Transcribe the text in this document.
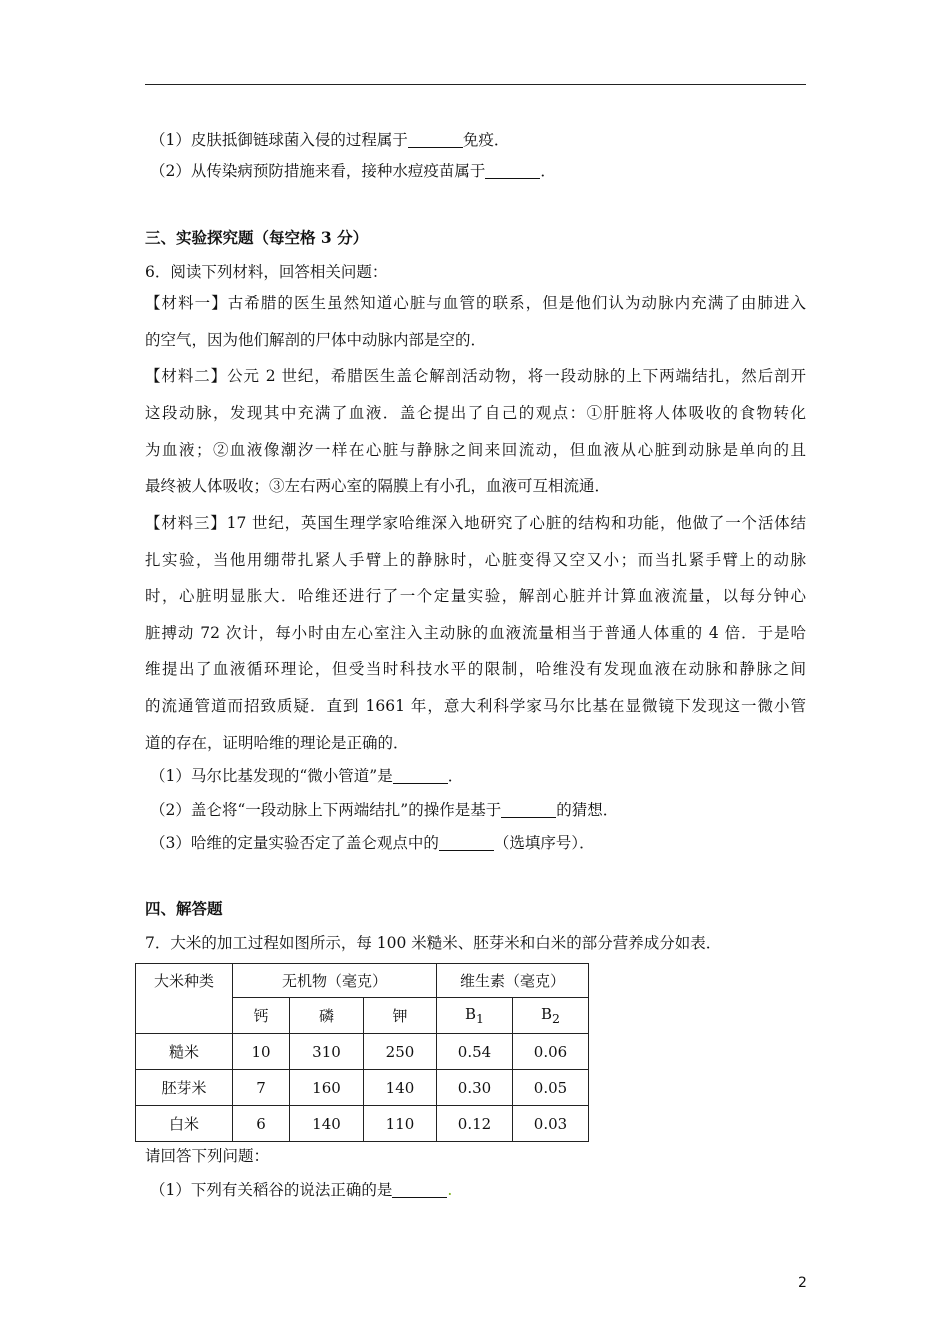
（1）皮肤抵御链球菌入侵的过程属于	免疫．
（2）从传染病预防措施来看，接种水痘疫苗属于	．
三、实验探究题（每空格 3 分）
6．阅读下列材料，回答相关问题：
【材料一】古希腊的医生虽然知道心脏与血管的联系，但是他们认为动脉内充满了由肺进入
的空气，因为他们解剖的尸体中动脉内部是空的．
【材料二】公元 2 世纪，希腊医生盖仑解剖活动物，将一段动脉的上下两端结扎，然后剖开
这段动脉，发现其中充满了血液．盖仑提出了自己的观点：①肝脏将人体吸收的食物转化
为血液；②血液像潮汐一样在心脏与静脉之间来回流动，但血液从心脏到动脉是单向的且
最终被人体吸收；③左右两心室的隔膜上有小孔，血液可互相流通．
【材料三】17 世纪，英国生理学家哈维深入地研究了心脏的结构和功能，他做了一个活体结
扎实验，当他用绷带扎紧人手臂上的静脉时，心脏变得又空又小；而当扎紧手臂上的动脉
时，心脏明显胀大．哈维还进行了一个定量实验，解剖心脏并计算血液流量，以每分钟心
脏搏动 72 次计，每小时由左心室注入主动脉的血液流量相当于普通人体重的 4 倍．于是哈
维提出了血液循环理论，但受当时科技水平的限制，哈维没有发现血液在动脉和静脉之间
的流通管道而招致质疑．直到 1661 年，意大利科学家马尔比基在显微镜下发现这一微小管
道的存在，证明哈维的理论是正确的．
（1）马尔比基发现的“微小管道”是	．
（2）盖仑将“一段动脉上下两端结扎”的操作是基于	的猜想．
（3）哈维的定量实验否定了盖仑观点中的	（选填序号）．
四、解答题
7．大米的加工过程如图所示，每 100 米糙米、胚芽米和白米的部分营养成分如表．
大米种类	无机物（毫克）			维生素（毫克）	
	钙	磷	钾	$B_1$	$B_2$
糙米	10	310	250	0.54	0.06
胚芽米	7	160	140	0.30	0.05
白米	6	140	110	0.12	0.03
请回答下列问题：
（1）下列有关稻谷的说法正确的是	.
2
